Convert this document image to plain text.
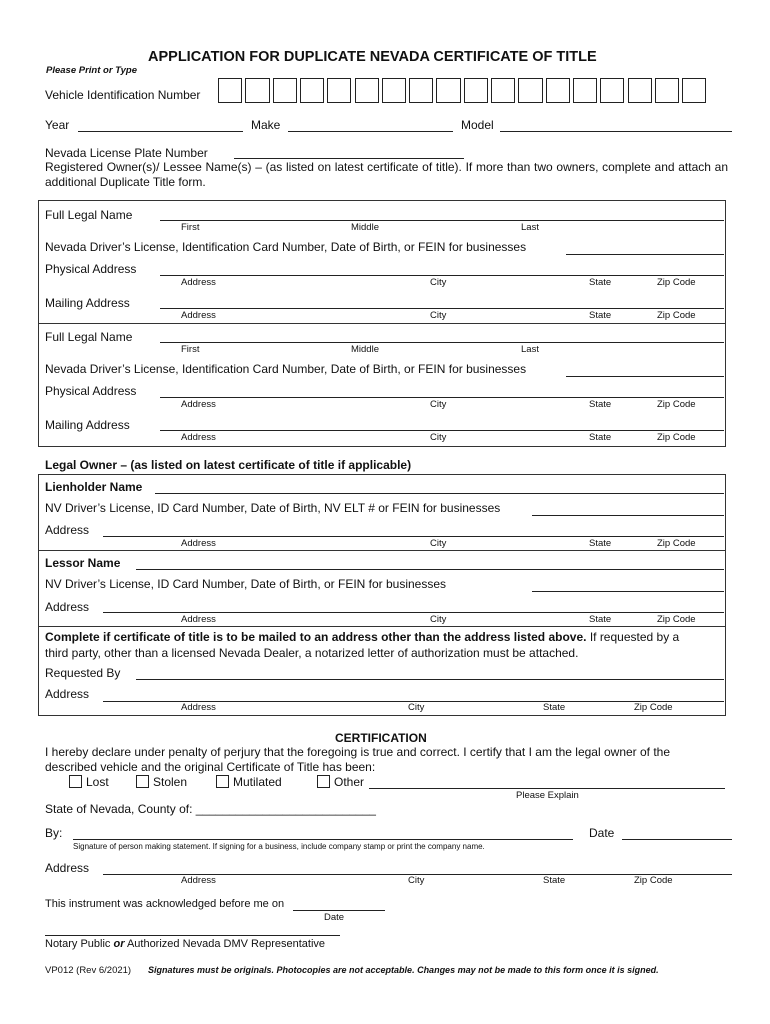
APPLICATION FOR DUPLICATE NEVADA CERTIFICATE OF TITLE
Please Print or Type
Vehicle Identification Number
Year	Make	Model
Nevada License Plate Number
Registered Owner(s)/ Lessee Name(s) – (as listed on latest certificate of title). If more than two owners, complete and attach an additional Duplicate Title form.
Full Legal Name
First	Middle	Last
Nevada Driver’s License, Identification Card Number, Date of Birth, or FEIN for businesses
Physical Address
Address	City	State	Zip Code
Mailing Address
Address	City	State	Zip Code
Full Legal Name
First	Middle	Last
Nevada Driver’s License, Identification Card Number, Date of Birth, or FEIN for businesses
Physical Address
Address	City	State	Zip Code
Mailing Address
Address	City	State	Zip Code
Legal Owner – (as listed on latest certificate of title if applicable)
Lienholder Name
NV Driver’s License, ID Card Number, Date of Birth, NV ELT # or FEIN for businesses
Address
Address	City	State	Zip Code
Lessor Name
NV Driver’s License, ID Card Number, Date of Birth, or FEIN for businesses
Address
Address	City	State	Zip Code
Complete if certificate of title is to be mailed to an address other than the address listed above. If requested by a
third party, other than a licensed Nevada Dealer, a notarized letter of authorization must be attached.
Requested By
Address
Address	City	State	Zip Code
CERTIFICATION
I hereby declare under penalty of perjury that the foregoing is true and correct. I certify that I am the legal owner of the
described vehicle and the original Certificate of Title has been:
Lost	Stolen	Mutilated	Other
Please Explain
State of Nevada, County of: ___________________________
By:	Date
Signature of person making statement. If signing for a business, include company stamp or print the company name.
Address
Address	City	State	Zip Code
This instrument was acknowledged before me on
Date
Notary Public or Authorized Nevada DMV Representative
VP012 (Rev 6/2021) Signatures must be originals. Photocopies are not acceptable. Changes may not be made to this form once it is signed.
